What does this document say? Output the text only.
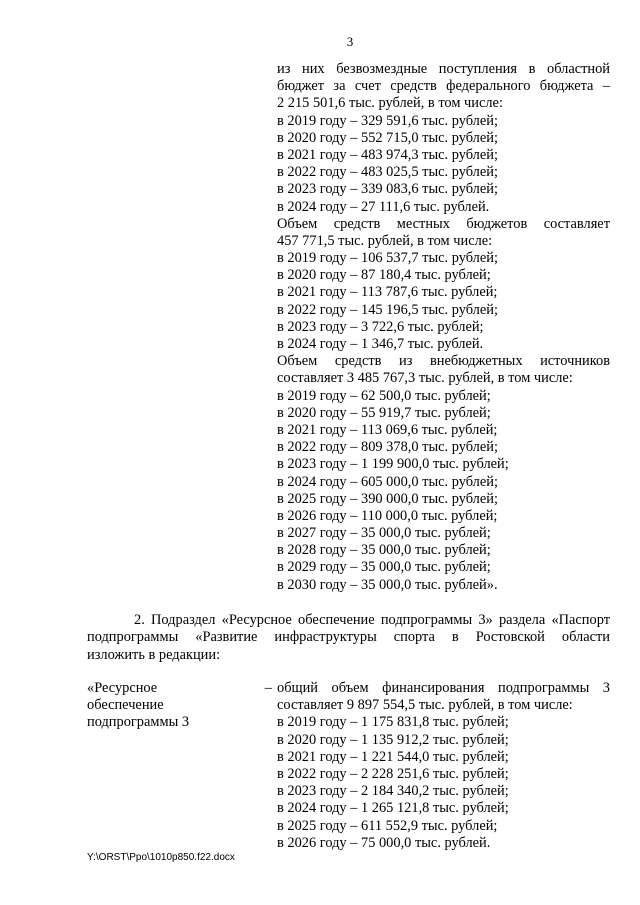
3
из них безвозмездные поступления в областной
бюджет за счет средств федерального бюджета –
2 215 501,6 тыс. рублей, в том числе:
в 2019 году – 329 591,6 тыс. рублей;
в 2020 году – 552 715,0 тыс. рублей;
в 2021 году – 483 974,3 тыс. рублей;
в 2022 году – 483 025,5 тыс. рублей;
в 2023 году – 339 083,6 тыс. рублей;
в 2024 году – 27 111,6 тыс. рублей.
Объем средств местных бюджетов составляет
457 771,5 тыс. рублей, в том числе:
в 2019 году – 106 537,7 тыс. рублей;
в 2020 году – 87 180,4 тыс. рублей;
в 2021 году – 113 787,6 тыс. рублей;
в 2022 году – 145 196,5 тыс. рублей;
в 2023 году – 3 722,6 тыс. рублей;
в 2024 году – 1 346,7 тыс. рублей.
Объем средств из внебюджетных источников
составляет 3 485 767,3 тыс. рублей, в том числе:
в 2019 году – 62 500,0 тыс. рублей;
в 2020 году – 55 919,7 тыс. рублей;
в 2021 году – 113 069,6 тыс. рублей;
в 2022 году – 809 378,0 тыс. рублей;
в 2023 году – 1 199 900,0 тыс. рублей;
в 2024 году – 605 000,0 тыс. рублей;
в 2025 году – 390 000,0 тыс. рублей;
в 2026 году – 110 000,0 тыс. рублей;
в 2027 году – 35 000,0 тыс. рублей;
в 2028 году – 35 000,0 тыс. рублей;
в 2029 году – 35 000,0 тыс. рублей;
в 2030 году – 35 000,0 тыс. рублей».
2. Подраздел «Ресурсное обеспечение подпрограммы 3» раздела «Паспорт
подпрограммы «Развитие инфраструктуры спорта в Ростовской области
изложить в редакции:
«Ресурсное	–
обеспечение
подпрограммы 3
общий объем финансирования подпрограммы 3
составляет 9 897 554,5 тыс. рублей, в том числе:
в 2019 году – 1 175 831,8 тыс. рублей;
в 2020 году – 1 135 912,2 тыс. рублей;
в 2021 году – 1 221 544,0 тыс. рублей;
в 2022 году – 2 228 251,6 тыс. рублей;
в 2023 году – 2 184 340,2 тыс. рублей;
в 2024 году – 1 265 121,8 тыс. рублей;
в 2025 году – 611 552,9 тыс. рублей;
в 2026 году – 75 000,0 тыс. рублей.
Y:\ORST\Ppo\1010p850.f22.docx
